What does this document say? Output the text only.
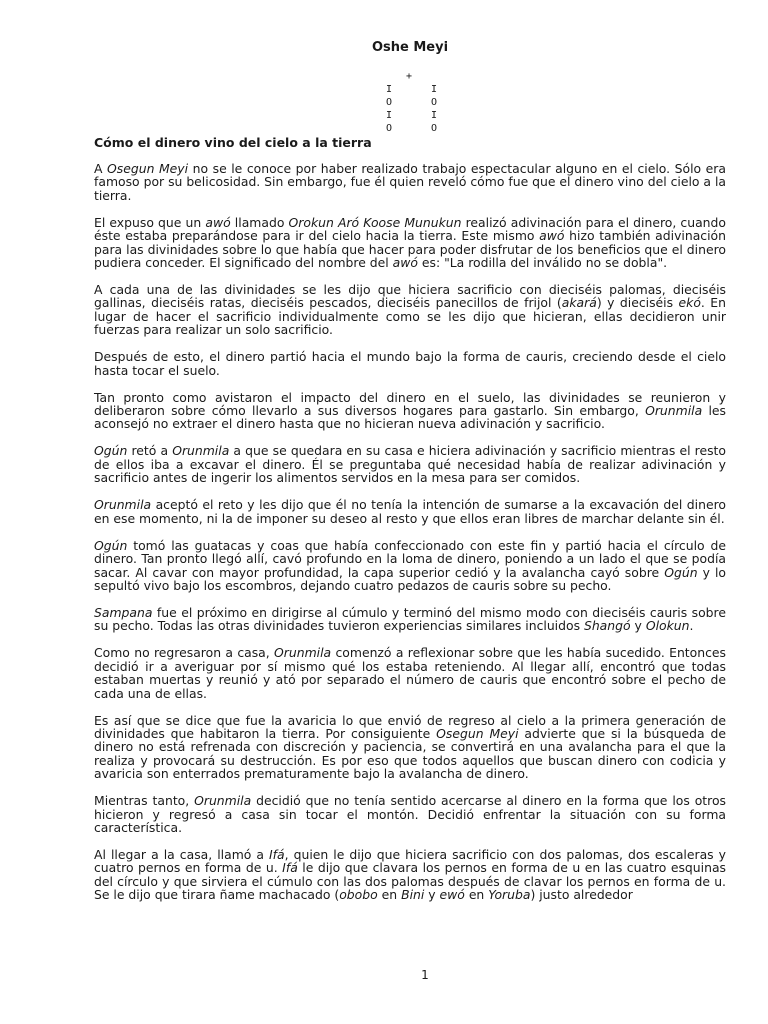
Oshe Meyi
+
I
O
I
O
I
O
I
O
Cómo el dinero vino del cielo a la tierra

A Osegun Meyi no se le conoce por haber realizado trabajo espectacular alguno en el cielo. Sólo era famoso por su belicosidad. Sin embargo, fue él quien reveló cómo fue que el dinero vino del cielo a la tierra.

El expuso que un awó llamado Orokun Aró Koose Munukun realizó adivinación para el dinero, cuando éste estaba preparándose para ir del cielo hacia la tierra. Este mismo awó hizo también adivinación para las divinidades sobre lo que había que hacer para poder disfrutar de los beneficios que el dinero pudiera conceder. El significado del nombre del awó es: "La rodilla del inválido no se dobla".

A cada una de las divinidades se les dijo que hiciera sacrificio con dieciséis palomas, dieciséis gallinas, dieciséis ratas, dieciséis pescados, dieciséis panecillos de frijol (akará) y dieciséis ekó. En lugar de hacer el sacrificio individualmente como se les dijo que hicieran, ellas decidieron unir fuerzas para realizar un solo sacrificio.

Después de esto, el dinero partió hacia el mundo bajo la forma de cauris, creciendo desde el cielo hasta tocar el suelo.

Tan pronto como avistaron el impacto del dinero en el suelo, las divinidades se reunieron y deliberaron sobre cómo llevarlo a sus diversos hogares para gastarlo. Sin embargo, Orunmila les aconsejó no extraer el dinero hasta que no hicieran nueva adivinación y sacrificio.

Ogún retó a Orunmila a que se quedara en su casa e hiciera adivinación y sacrificio mientras el resto de ellos iba a excavar el dinero. Él se preguntaba qué necesidad había de realizar adivinación y sacrificio antes de ingerir los alimentos servidos en la mesa para ser comidos.

Orunmila aceptó el reto y les dijo que él no tenía la intención de sumarse a la excavación del dinero en ese momento, ni la de imponer su deseo al resto y que ellos eran libres de marchar delante sin él.

Ogún tomó las guatacas y coas que había confeccionado con este fin y partió hacia el círculo de dinero. Tan pronto llegó allí, cavó profundo en la loma de dinero, poniendo a un lado el que se podía sacar. Al cavar con mayor profundidad, la capa superior cedió y la avalancha cayó sobre Ogún y lo sepultó vivo bajo los escombros, dejando cuatro pedazos de cauris sobre su pecho.

Sampana fue el próximo en dirigirse al cúmulo y terminó del mismo modo con dieciséis cauris sobre su pecho. Todas las otras divinidades tuvieron experiencias similares incluidos Shangó y Olokun.

Como no regresaron a casa, Orunmila comenzó a reflexionar sobre que les había sucedido. Entonces decidió ir a averiguar por sí mismo qué los estaba reteniendo. Al llegar allí, encontró que todas estaban muertas y reunió y ató por separado el número de cauris que encontró sobre el pecho de cada una de ellas.

Es así que se dice que fue la avaricia lo que envió de regreso al cielo a la primera generación de divinidades que habitaron la tierra. Por consiguiente Osegun Meyi advierte que si la búsqueda de dinero no está refrenada con discreción y paciencia, se convertirá en una avalancha para el que la realiza y provocará su destrucción. Es por eso que todos aquellos que buscan dinero con codicia y avaricia son enterrados prematuramente bajo la avalancha de dinero.

Mientras tanto, Orunmila decidió que no tenía sentido acercarse al dinero en la forma que los otros hicieron y regresó a casa sin tocar el montón. Decidió enfrentar la situación con su forma característica.

Al llegar a la casa, llamó a Ifá, quien le dijo que hiciera sacrificio con dos palomas, dos escaleras y cuatro pernos en forma de u. Ifá le dijo que clavara los pernos en forma de u en las cuatro esquinas del círculo y que sirviera el cúmulo con las dos palomas después de clavar los pernos en forma de u. Se le dijo que tirara ñame machacado (obobo en Bini y ewó en Yoruba) justo alrededor

1
